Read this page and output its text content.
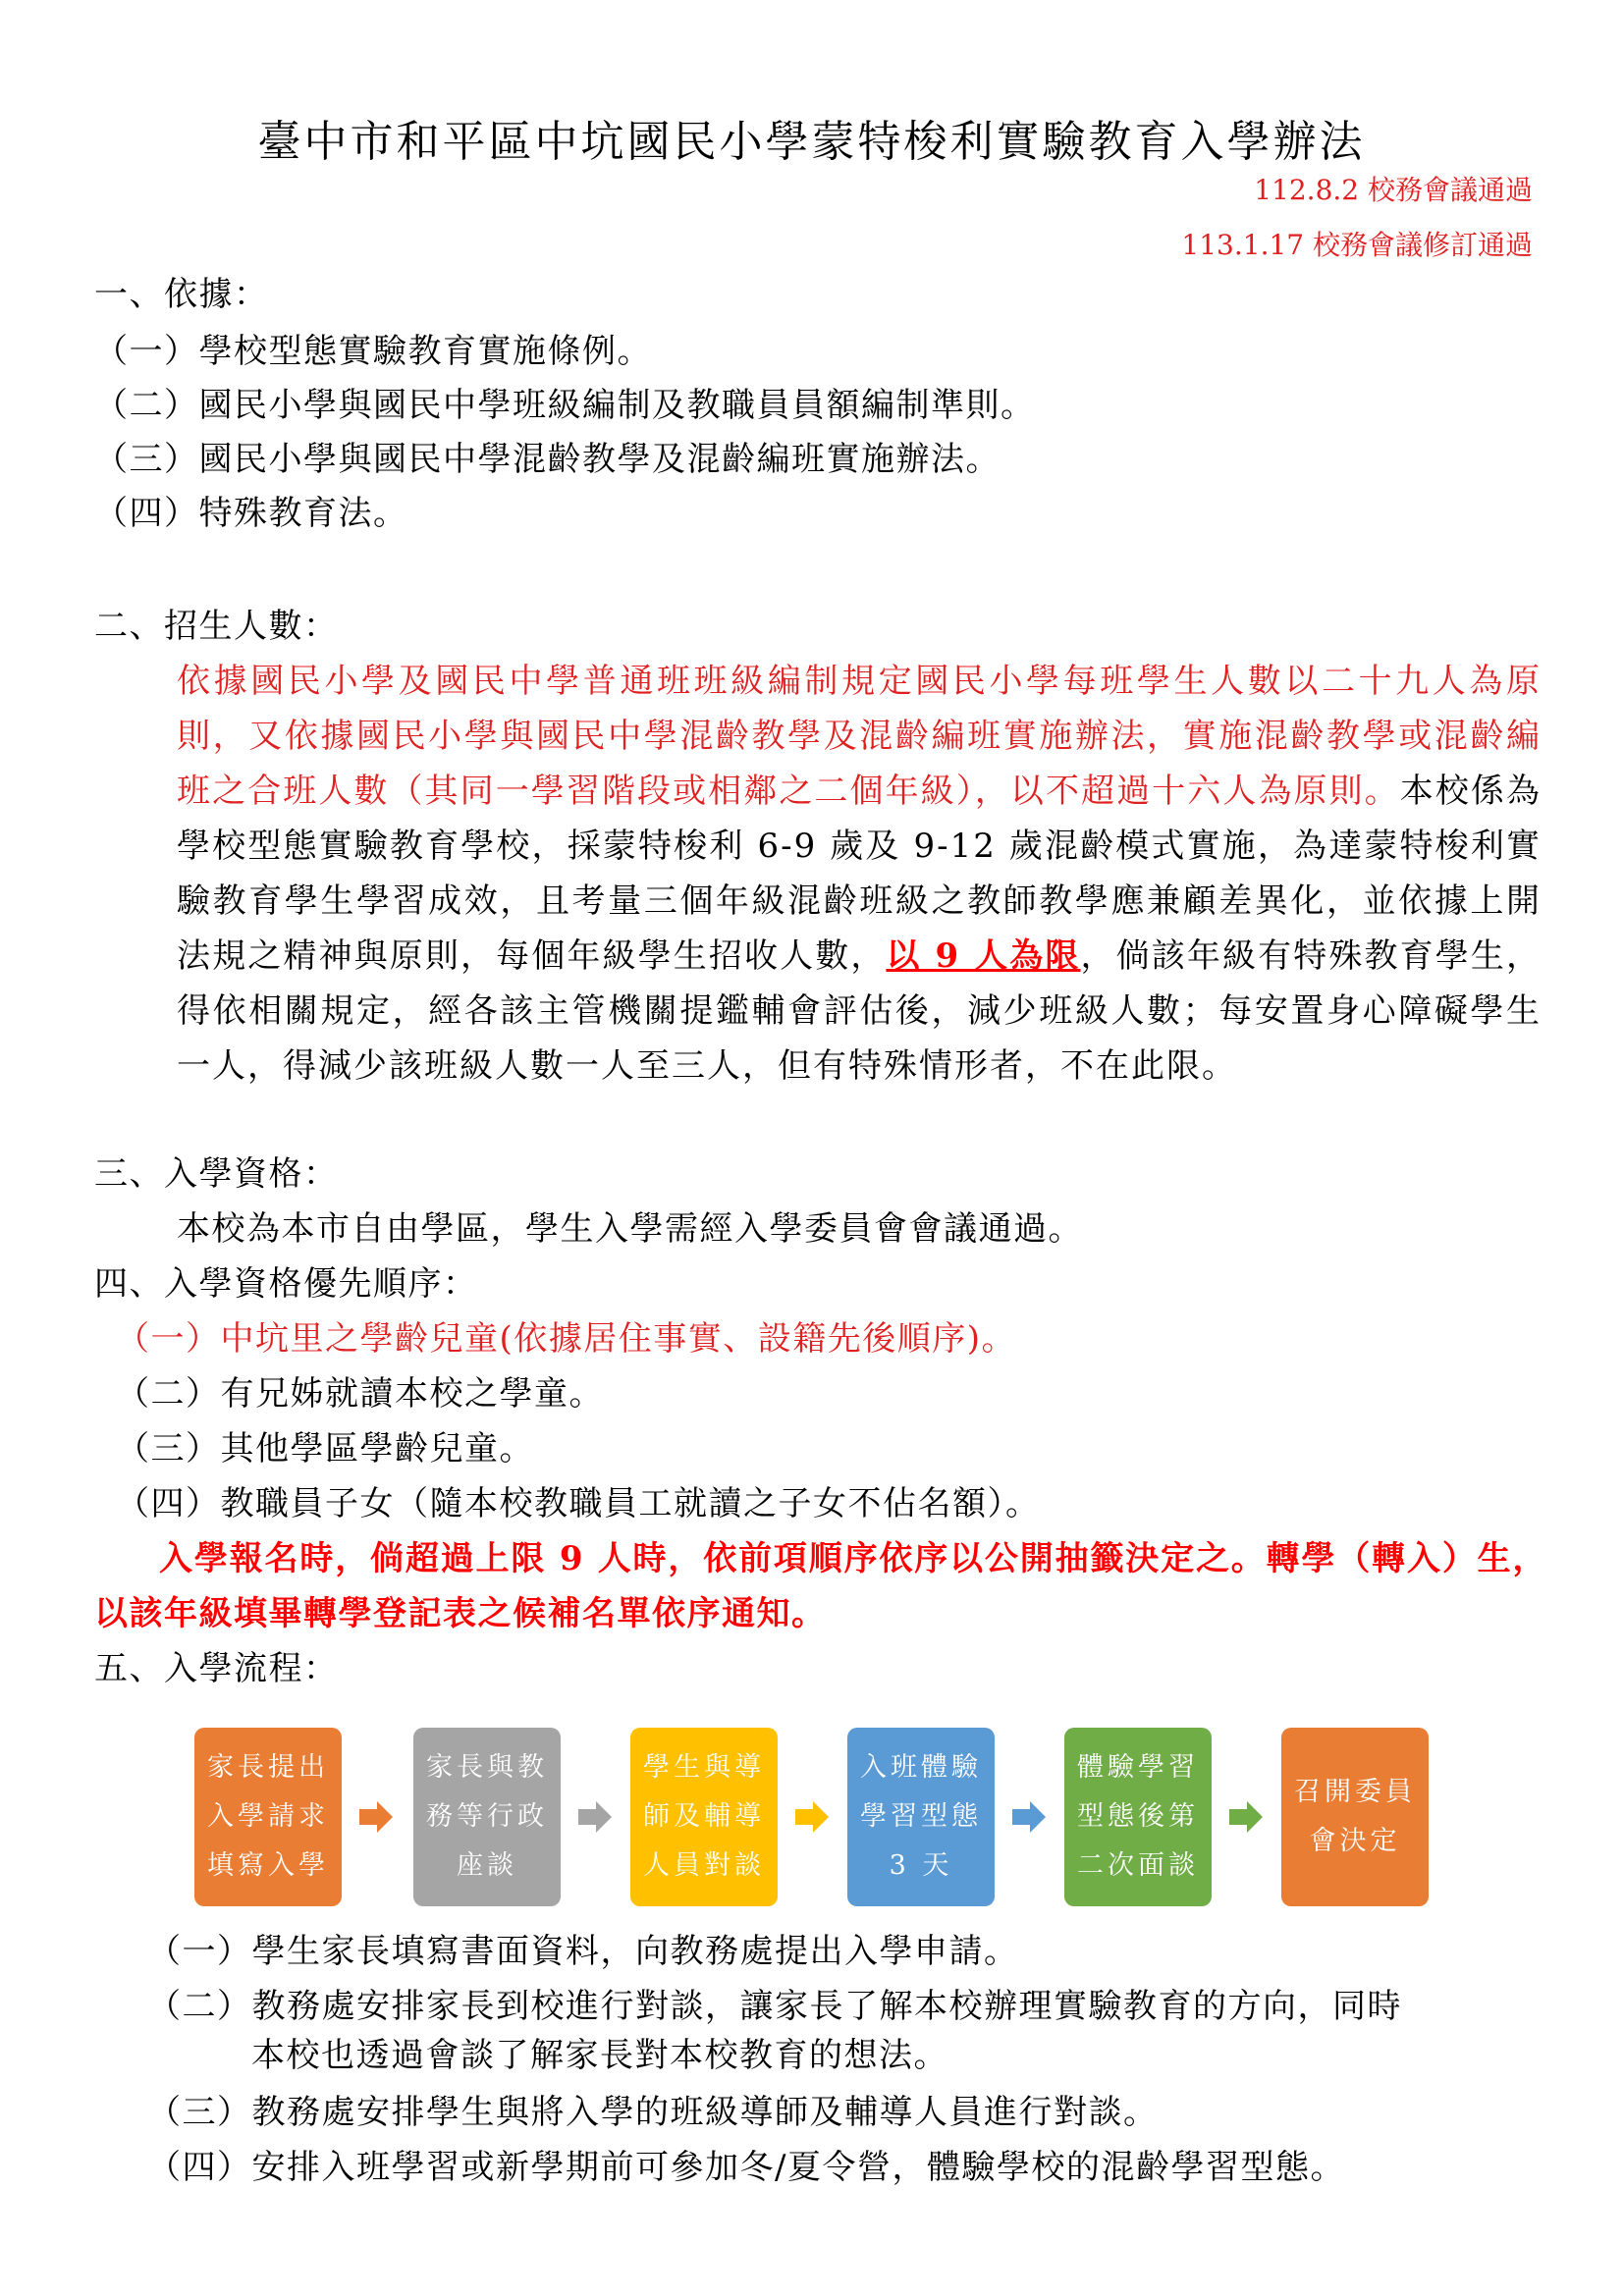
臺中市和平區中坑國民小學蒙特梭利實驗教育入學辦法
112.8.2 校務會議通過
113.1.17 校務會議修訂通過
一、依據：
（一）學校型態實驗教育實施條例。
（二）國民小學與國民中學班級編制及教職員員額編制準則。
（三）國民小學與國民中學混齡教學及混齡編班實施辦法。
（四）特殊教育法。
二、招生人數：
依據國民小學及國民中學普通班班級編制規定國民小學每班學生人數以二十九人為原則，又依據國民小學與國民中學混齡教學及混齡編班實施辦法，實施混齡教學或混齡編班之合班人數（其同一學習階段或相鄰之二個年級），以不超過十六人為原則。本校係為學校型態實驗教育學校，採蒙特梭利 6-9 歲及 9-12 歲混齡模式實施，為達蒙特梭利實驗教育學生學習成效，且考量三個年級混齡班級之教師教學應兼顧差異化，並依據上開法規之精神與原則，每個年級學生招收人數，以 9 人為限，倘該年級有特殊教育學生，得依相關規定，經各該主管機關提鑑輔會評估後，減少班級人數；每安置身心障礙學生一人，得減少該班級人數一人至三人，但有特殊情形者，不在此限。
三、入學資格：
本校為本市自由學區，學生入學需經入學委員會會議通過。
四、入學資格優先順序：
（一）中坑里之學齡兒童(依據居住事實、設籍先後順序)。
（二）有兄姊就讀本校之學童。
（三）其他學區學齡兒童。
（四）教職員子女（隨本校教職員工就讀之子女不佔名額）。
入學報名時，倘超過上限 9 人時，依前項順序依序以公開抽籤決定之。轉學（轉入）生，以該年級填畢轉學登記表之候補名單依序通知。
五、入學流程：
家長提出
入學請求
填寫入學
家長與教
務等行政
座談
學生與導
師及輔導
人員對談
入班體驗
學習型態
3 天
體驗學習
型態後第
二次面談
召開委員
會決定
（一）學生家長填寫書面資料，向教務處提出入學申請。
（二）教務處安排家長到校進行對談，讓家長了解本校辦理實驗教育的方向，同時
本校也透過會談了解家長對本校教育的想法。
（三）教務處安排學生與將入學的班級導師及輔導人員進行對談。
（四）安排入班學習或新學期前可參加冬/夏令營，體驗學校的混齡學習型態。
